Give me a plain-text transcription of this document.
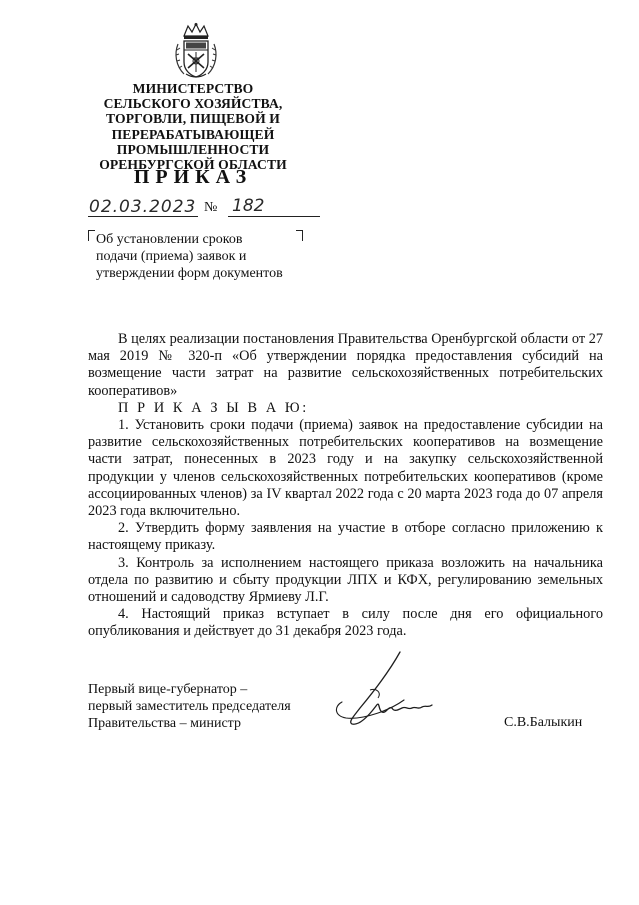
МИНИСТЕРСТВО
СЕЛЬСКОГО ХОЗЯЙСТВА,
ТОРГОВЛИ, ПИЩЕВОЙ И
ПЕРЕРАБАТЫВАЮЩЕЙ
ПРОМЫШЛЕННОСТИ
ОРЕНБУРГСКОЙ ОБЛАСТИ
ПРИКАЗ
02.03.2023 № 182
Об установлении сроков
подачи (приема) заявок и
утверждении форм документов
В целях реализации постановления Правительства Оренбургской области от 27 мая 2019 № 320-п «Об утверждении порядка предоставления субсидий на возмещение части затрат на развитие сельскохозяйственных потребительских кооперативов»
П Р И К А З Ы В А Ю:
1. Установить сроки подачи (приема) заявок на предоставление субсидии на развитие сельскохозяйственных потребительских кооперативов на возмещение части затрат, понесенных в 2023 году и на закупку сельскохозяйственной продукции у членов сельскохозяйственных потребительских кооперативов (кроме ассоциированных членов) за IV квартал 2022 года с 20 марта 2023 года до 07 апреля 2023 года включительно.
2. Утвердить форму заявления на участие в отборе согласно приложению к настоящему приказу.
3. Контроль за исполнением настоящего приказа возложить на начальника отдела по развитию и сбыту продукции ЛПХ и КФХ, регулированию земельных отношений и садоводству Ярмиеву Л.Г.
4. Настоящий приказ вступает в силу после дня его официального опубликования и действует до 31 декабря 2023 года.
Первый вице-губернатор –
первый заместитель председателя
Правительства – министр	С.В.Балыкин
